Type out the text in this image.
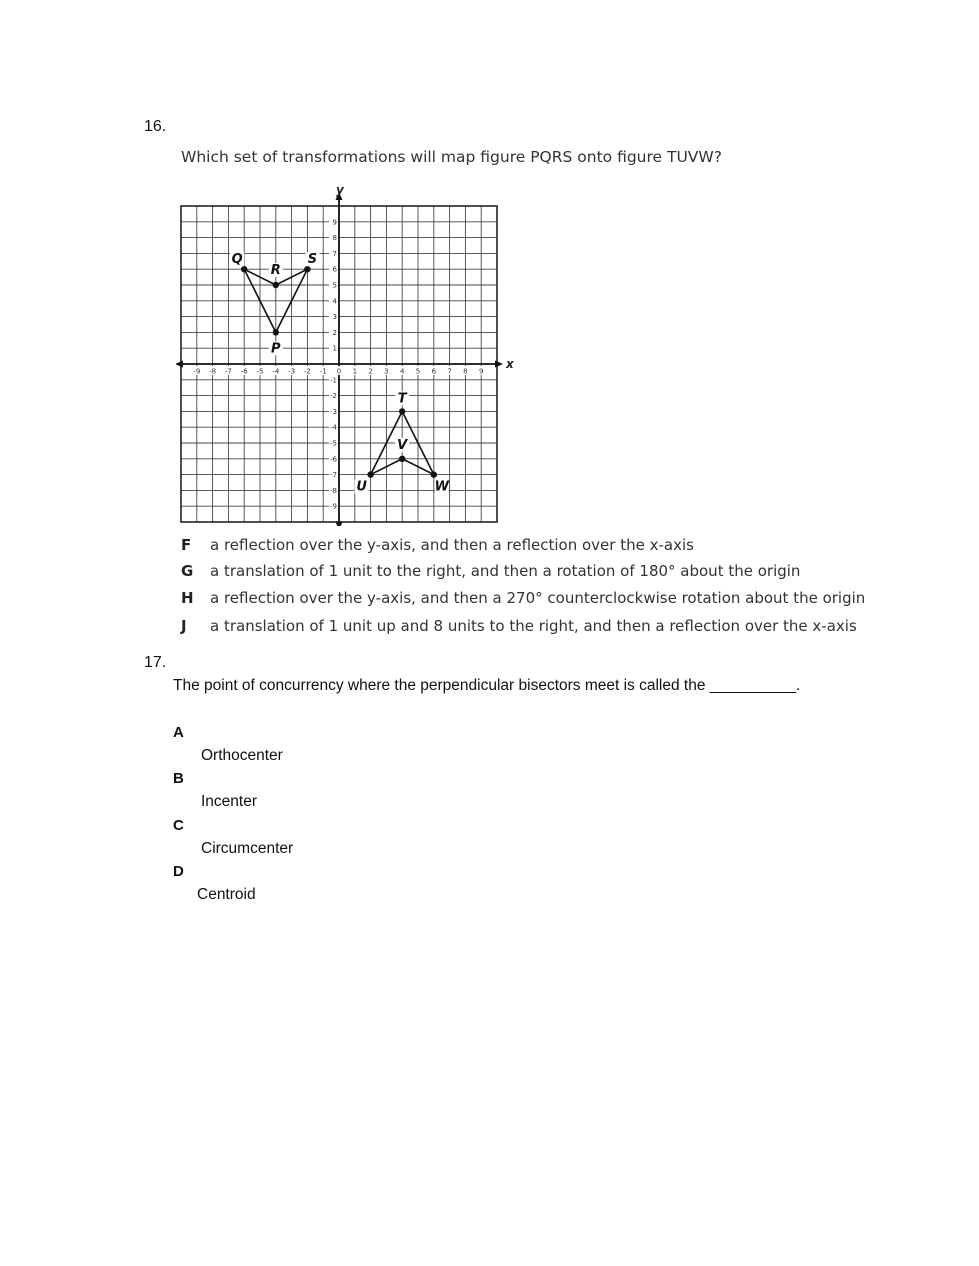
16.
Which set of transformations will map figure PQRS onto figure TUVW?
x
y
-9 -8 -7 -6 -5 -4 -3 -2 -1 0 1 2 3 4 5 6 7 8 9
9
8
7
6
5
4
3
2
1
-1
-2
-3
-4
-5
-6
-7
-8
-9
P
Q
R
S
T
U
V
W
F a reflection over the y-axis, and then a reflection over the x-axis
G a translation of 1 unit to the right, and then a rotation of 180° about the origin
H a reflection over the y-axis, and then a 270° counterclockwise rotation about the origin
J a translation of 1 unit up and 8 units to the right, and then a reflection over the x-axis
17.
The point of concurrency where the perpendicular bisectors meet is called the __________.
A
Orthocenter
B
Incenter
C
Circumcenter
D
Centroid
